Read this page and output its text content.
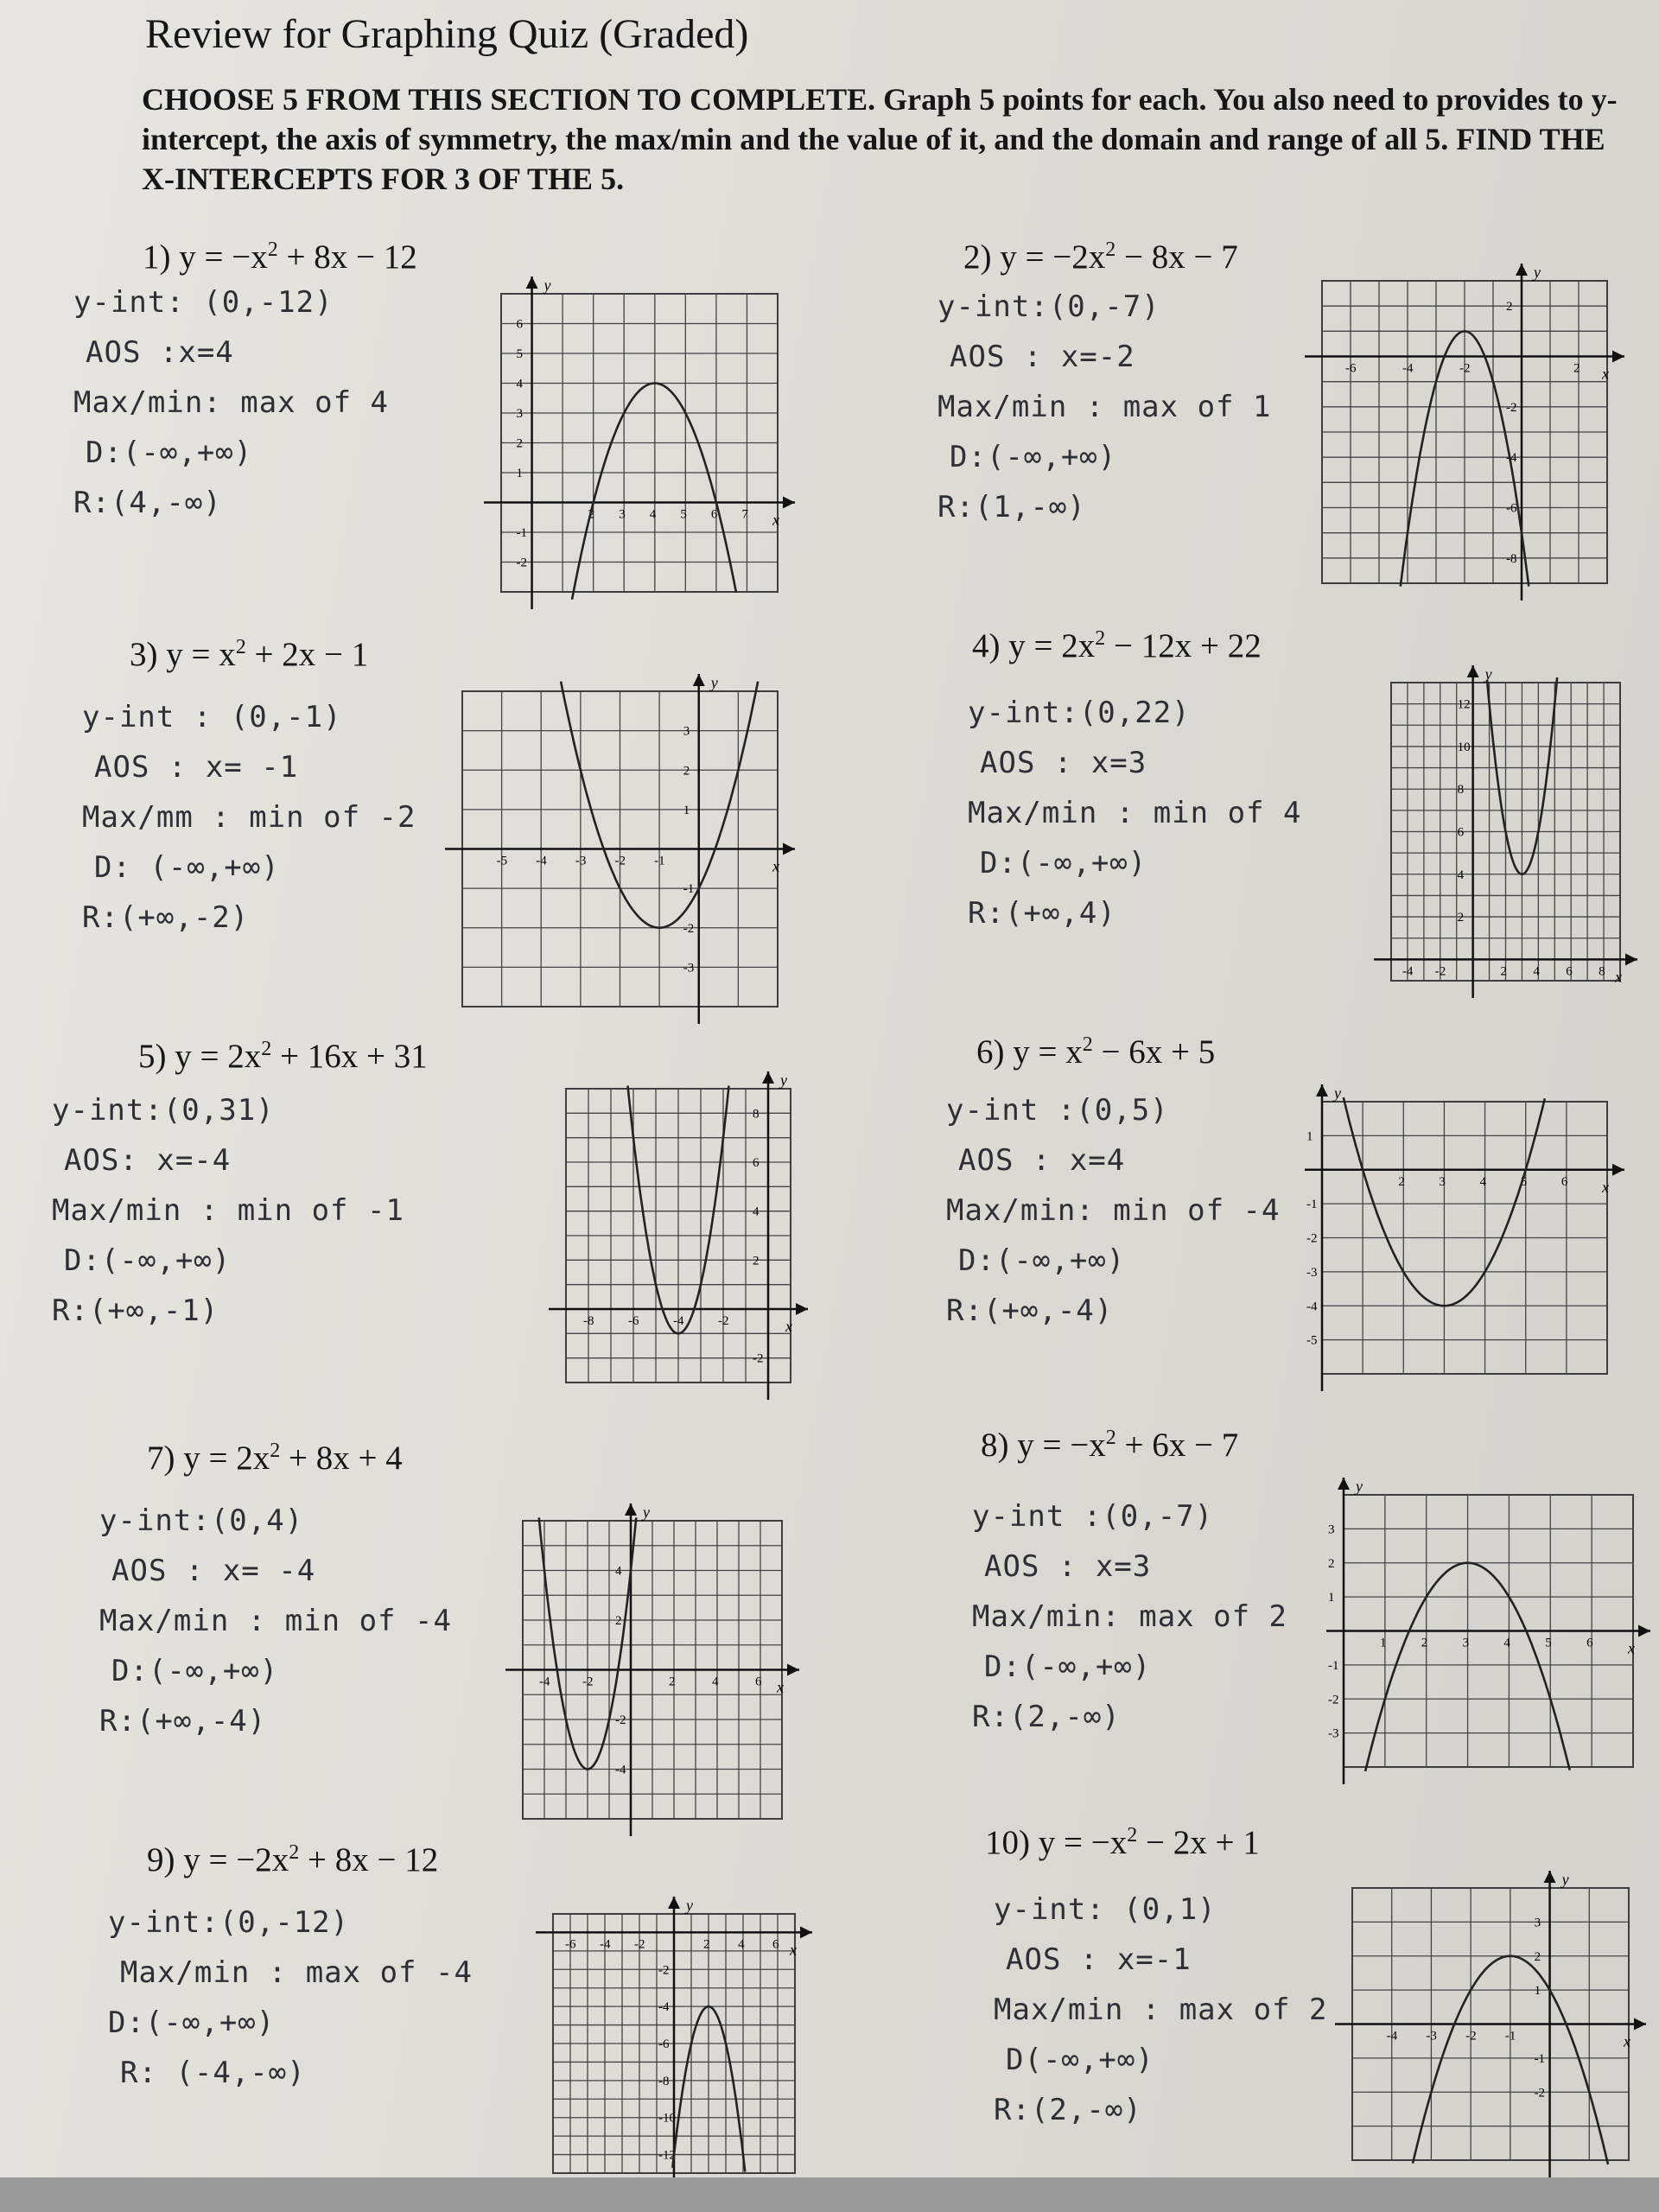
Review for Graphing Quiz (Graded)
CHOOSE 5 FROM THIS SECTION TO COMPLETE. Graph 5 points for each. You also need to provides to y-intercept, the axis of symmetry, the max/min and the value of it, and the domain and range of all 5. FIND THE X-INTERCEPTS FOR 3 OF THE 5.
1) $y = -x^2 + 8x - 12$
y-int: (0,-12)
AOS :x=4
Max/min: max of 4
D:(-∞,+∞)
R:(4,-∞)	x
y
2 3 4 5 6 7
6
5
4
3
2
1
-1
-2
2) $y = -2x^2 - 8x - 7$
y-int:(0,-7)
AOS : x=-2
Max/min : max of 1
D:(-∞,+∞)
R:(1,-∞)
x
y
-6	-4	-2	2
2
-2
-4
-6
-8
3) $y = x^2 + 2x - 1$
y-int : (0,-1)
AOS : x= -1
Max/mm : min of -2
D: (-∞,+∞)
R:(+∞,-2)
x
y
-5 -4 -3 -2 -1
3
2
1
-1
-2
-3
4) $y = 2x^2 - 12x + 22$
y-int:(0,22)
AOS : x=3
Max/min : min of 4
D:(-∞,+∞)
R:(+∞,4)
x
y
-4 -2	2 4 6 8
12
10
8
6
4
2
5) $y = 2x^2 + 16x + 31$
y-int:(0,31)
AOS: x=-4
Max/min : min of -1
D:(-∞,+∞)
R:(+∞,-1)	x
y
-8	-6	-4	-2
8
6
4
2
-2
6) $y = x^2 - 6x + 5$
y-int :(0,5)
AOS : x=4
Max/min: min of -4
D:(-∞,+∞)
R:(+∞,-4)
x
y
2	3	4	5	6
1
-1
-2
-3
-4
-5
7) $y = 2x^2 + 8x + 4$
y-int:(0,4)
AOS : x= -4
Max/min : min of -4
D:(-∞,+∞)
R:(+∞,-4)
x
y
-4	-2	2	4	6
4
2
-2
-4
8) $y = -x^2 + 6x - 7$
y-int :(0,-7)
AOS : x=3
Max/min: max of 2
D:(-∞,+∞)
R:(2,-∞)
x
y
1	2	3	4	5	6
3
2
1
-1
-2
-3
9) $y = -2x^2 + 8x - 12$
y-int:(0,-12)
Max/min : max of -4
D:(-∞,+∞)
R: (-4,-∞)
x
y
-6 -4 -2	2 4 6
-2
-4
-6
-8
-10
-12
10) $y = -x^2 - 2x + 1$
y-int: (0,1)
AOS : x=-1
Max/min : max of 2
D(-∞,+∞)
R:(2,-∞)
x
y
-4 -3 -2 -1
3
2
1
-1
-2
